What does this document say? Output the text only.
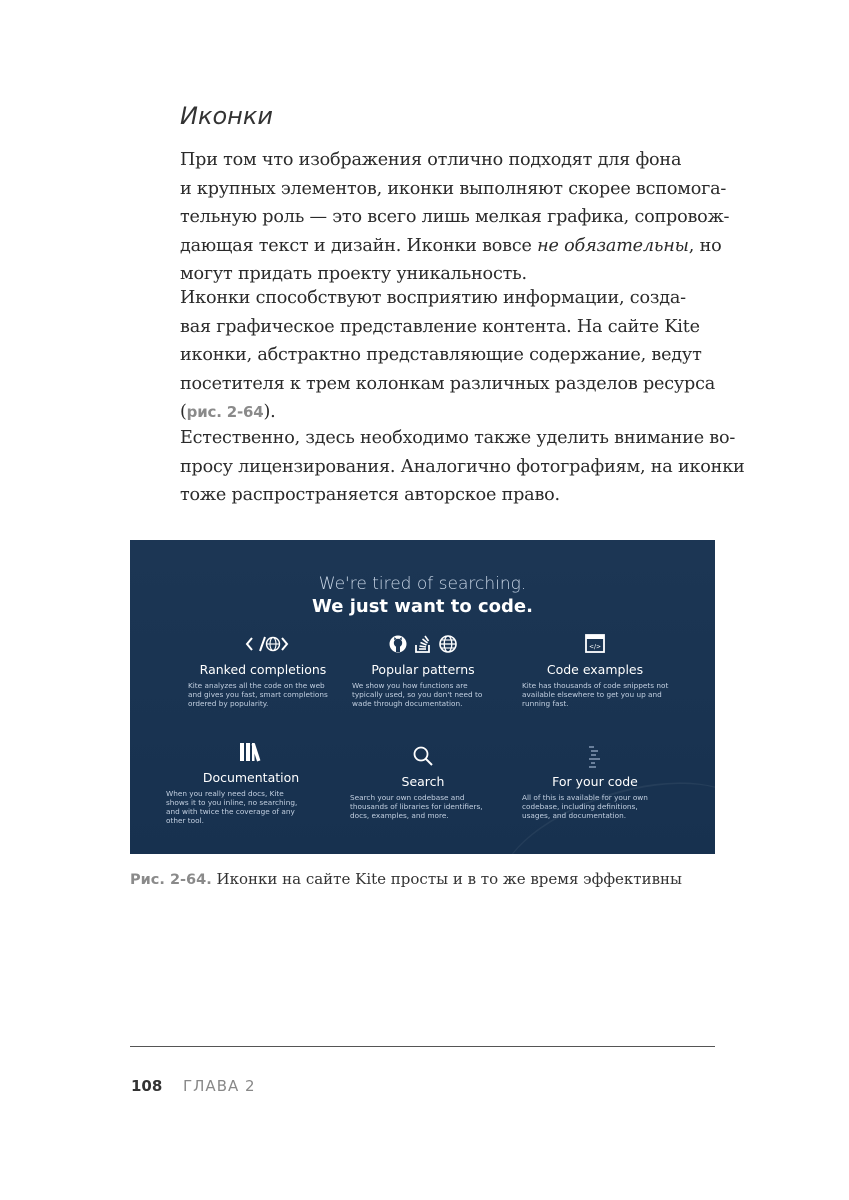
Иконки

При том что изображения отлично подходят для фона
и крупных элементов, иконки выполняют скорее вспомога-
тельную роль — это всего лишь мелкая графика, сопровож-
дающая текст и дизайн. Иконки вовсе не обязательны, но
могут придать проекту уникальность.

Иконки способствуют восприятию информации, созда-
вая графическое представление контента. На сайте Kite
иконки, абстрактно представляющие содержание, ведут
посетителя к трем колонкам различных разделов ресурса
(рис. 2-64).

Естественно, здесь необходимо также уделить внимание во-
просу лицензирования. Аналогично фотографиям, на иконки
тоже распространяется авторское право.

We're tired of searching.
We just want to code.
Ranked completions
Kite analyzes all the code on the web and gives you fast, smart completions ordered by popularity.
Popular patterns
We show you how functions are typically used, so you don't need to wade through documentation.
</>
Code examples
Kite has thousands of code snippets not available elsewhere to get you up and running fast.
Documentation
When you really need docs, Kite shows it to you inline, no searching, and with twice the coverage of any other tool.
Search
Search your own codebase and thousands of libraries for identifiers, docs, examples, and more.
For your code
All of this is available for your own codebase, including definitions, usages, and documentation.
Рис. 2-64. Иконки на сайте Kite просты и в то же время эффективны
108 ГЛАВА 2
